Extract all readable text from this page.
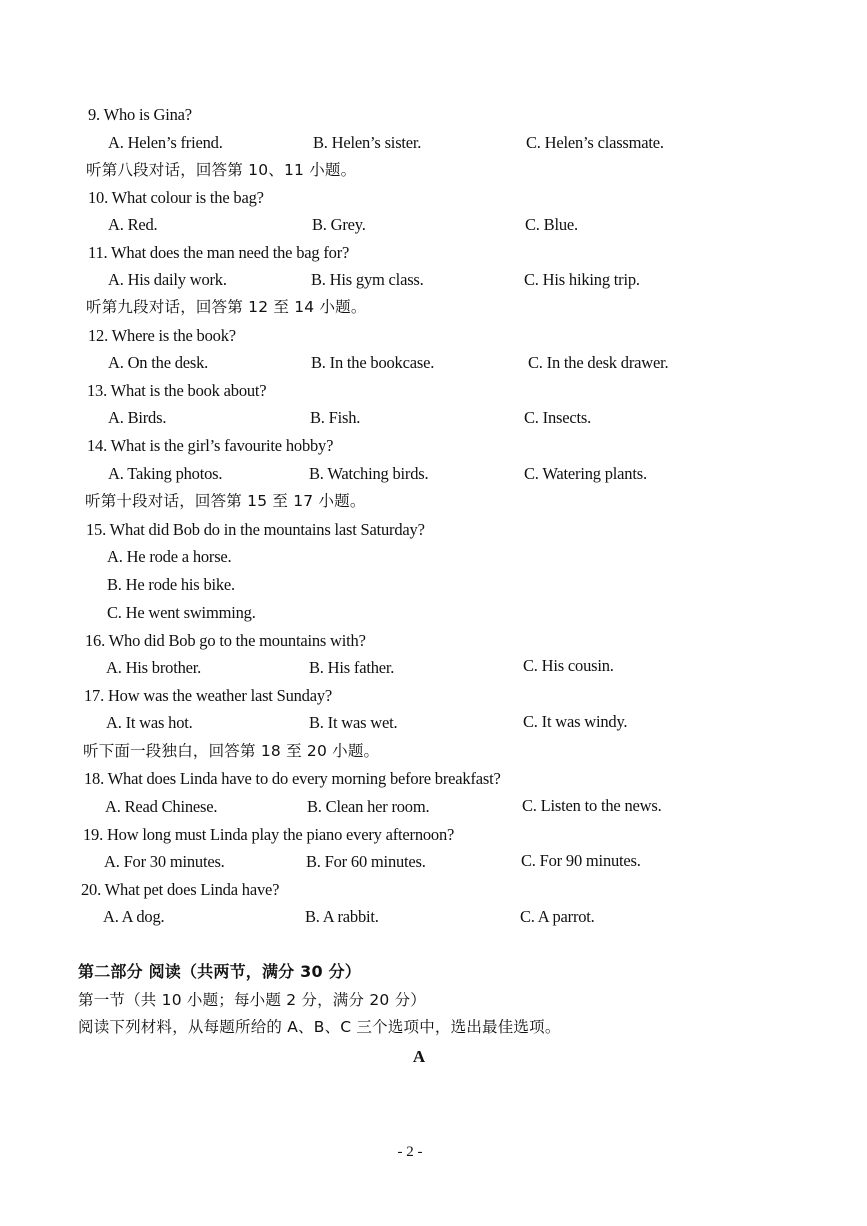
9. Who is Gina?
A. Helen’s friend.	B. Helen’s sister.	C. Helen’s classmate.
听第八段对话，回答第 10、11 小题。
10. What colour is the bag?
A. Red.	B. Grey.	C. Blue.
11. What does the man need the bag for?
A. His daily work.	B. His gym class.	C. His hiking trip.
听第九段对话，回答第 12 至 14 小题。
12. Where is the book?
A. On the desk.	B. In the bookcase.	C. In the desk drawer.
13. What is the book about?
A. Birds.	B. Fish.	C. Insects.
14. What is the girl’s favourite hobby?
A. Taking photos.	B. Watching birds.	C. Watering plants.
听第十段对话，回答第 15 至 17 小题。
15. What did Bob do in the mountains last Saturday?
A. He rode a horse.
B. He rode his bike.
C. He went swimming.
16. Who did Bob go to the mountains with?
A. His brother.	B. His father.	C. His cousin.
17. How was the weather last Sunday?
A. It was hot.	B. It was wet.	C. It was windy.
听下面一段独白，回答第 18 至 20 小题。
18. What does Linda have to do every morning before breakfast?
A. Read Chinese.	B. Clean her room.	C. Listen to the news.
19. How long must Linda play the piano every afternoon?
A. For 30 minutes.	B. For 60 minutes.	C. For 90 minutes.
20. What pet does Linda have?
A. A dog.	B. A rabbit.	C. A parrot.
第二部分 阅读（共两节，满分 30 分）
第一节（共 10 小题；每小题 2 分，满分 20 分）
阅读下列材料，从每题所给的 A、B、C 三个选项中，选出最佳选项。
A
- 2 -
